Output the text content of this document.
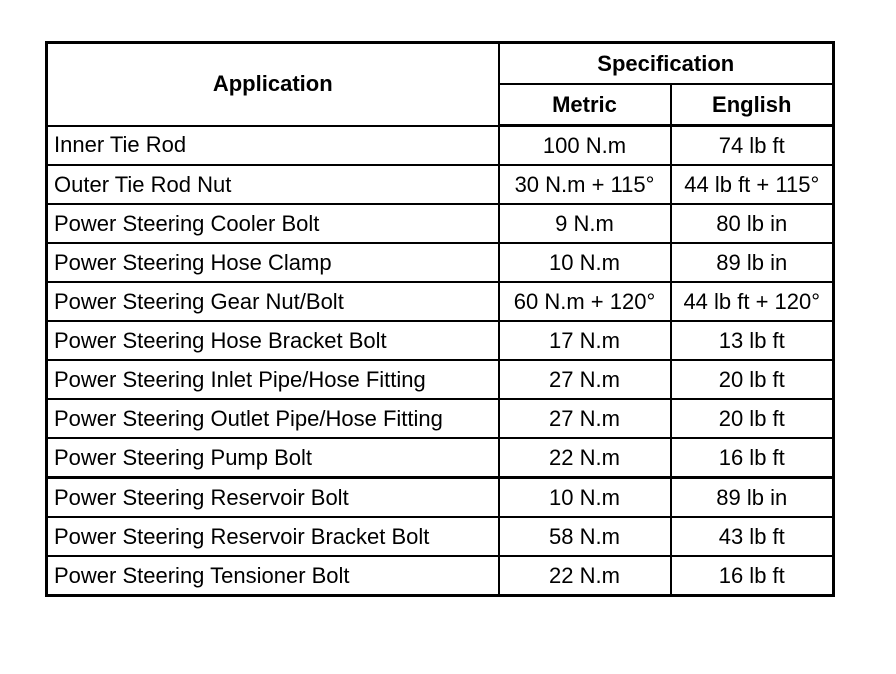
Application	Specification	
	Metric	English
Inner Tie Rod	100 N.m	74 lb ft
Outer Tie Rod Nut	30 N.m + 115°	44 lb ft + 115°
Power Steering Cooler Bolt	9 N.m	80 lb in
Power Steering Hose Clamp	10 N.m	89 lb in
Power Steering Gear Nut/Bolt	60 N.m + 120°	44 lb ft + 120°
Power Steering Hose Bracket Bolt	17 N.m	13 lb ft
Power Steering Inlet Pipe/Hose Fitting	27 N.m	20 lb ft
Power Steering Outlet Pipe/Hose Fitting	27 N.m	20 lb ft
Power Steering Pump Bolt	22 N.m	16 lb ft
Power Steering Reservoir Bolt	10 N.m	89 lb in
Power Steering Reservoir Bracket Bolt	58 N.m	43 lb ft
Power Steering Tensioner Bolt	22 N.m	16 lb ft
